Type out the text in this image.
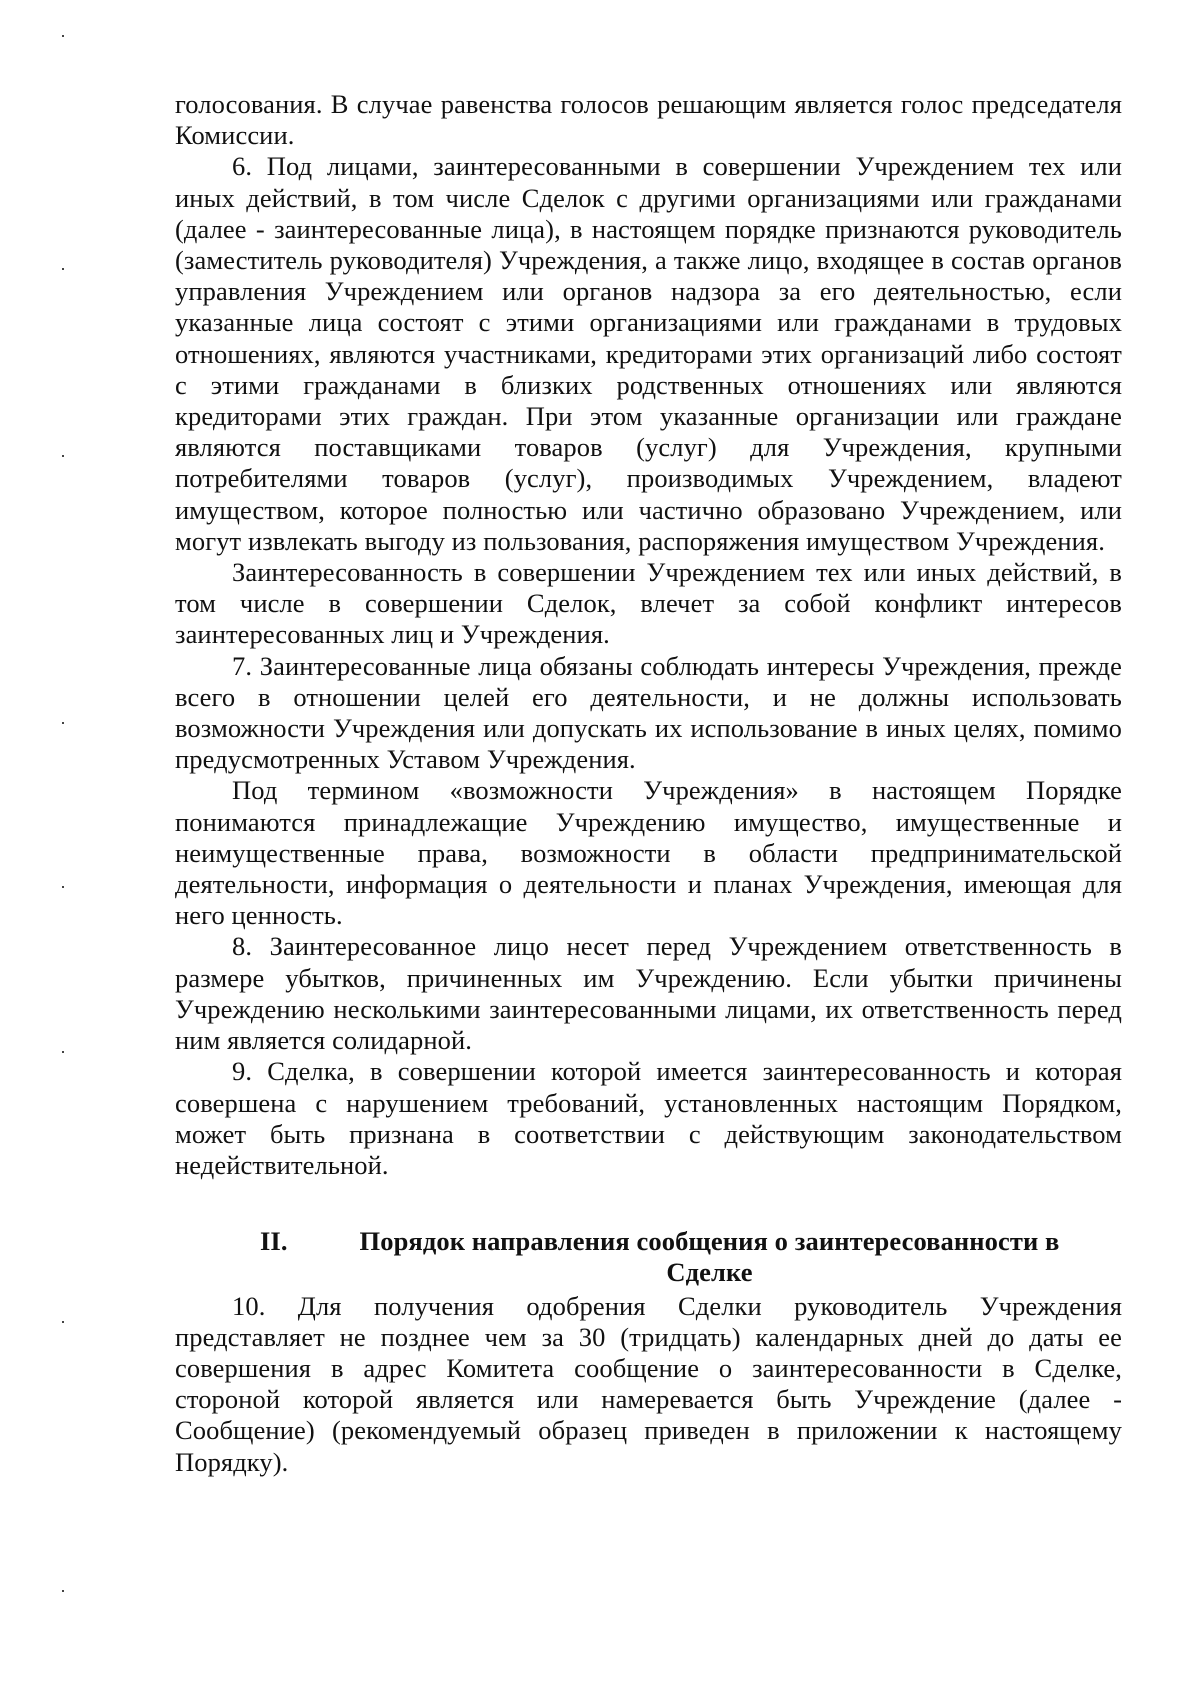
голосования. В случае равенства голосов решающим является голос председателя Комиссии.

6. Под лицами, заинтересованными в совершении Учреждением тех или иных действий, в том числе Сделок с другими организациями или гражданами (далее - заинтересованные лица), в настоящем порядке признаются руководитель (заместитель руководителя) Учреждения, а также лицо, входящее в состав органов управления Учреждением или органов надзора за его деятельностью, если указанные лица состоят с этими организациями или гражданами в трудовых отношениях, являются участниками, кредиторами этих организаций либо состоят с этими гражданами в близких родственных отношениях или являются кредиторами этих граждан. При этом указанные организации или граждане являются поставщиками товаров (услуг) для Учреждения, крупными потребителями товаров (услуг), производимых Учреждением, владеют имуществом, которое полностью или частично образовано Учреждением, или могут извлекать выгоду из пользования, распоряжения имуществом Учреждения.

Заинтересованность в совершении Учреждением тех или иных действий, в том числе в совершении Сделок, влечет за собой конфликт интересов заинтересованных лиц и Учреждения.

7. Заинтересованные лица обязаны соблюдать интересы Учреждения, прежде всего в отношении целей его деятельности, и не должны использовать возможности Учреждения или допускать их использование в иных целях, помимо предусмотренных Уставом Учреждения.

Под термином «возможности Учреждения» в настоящем Порядке понимаются принадлежащие Учреждению имущество, имущественные и неимущественные права, возможности в области предпринимательской деятельности, информация о деятельности и планах Учреждения, имеющая для него ценность.

8. Заинтересованное лицо несет перед Учреждением ответственность в размере убытков, причиненных им Учреждению. Если убытки причинены Учреждению несколькими заинтересованными лицами, их ответственность перед ним является солидарной.

9. Сделка, в совершении которой имеется заинтересованность и которая совершена с нарушением требований, установленных настоящим Порядком, может быть признана в соответствии с действующим законодательством недействительной.

II.	Порядок направления сообщения о заинтересованности в Сделке

10. Для получения одобрения Сделки руководитель Учреждения представляет не позднее чем за 30 (тридцать) календарных дней до даты ее совершения в адрес Комитета сообщение о заинтересованности в Сделке, стороной которой является или намеревается быть Учреждение (далее - Сообщение) (рекомендуемый образец приведен в приложении к настоящему Порядку).
